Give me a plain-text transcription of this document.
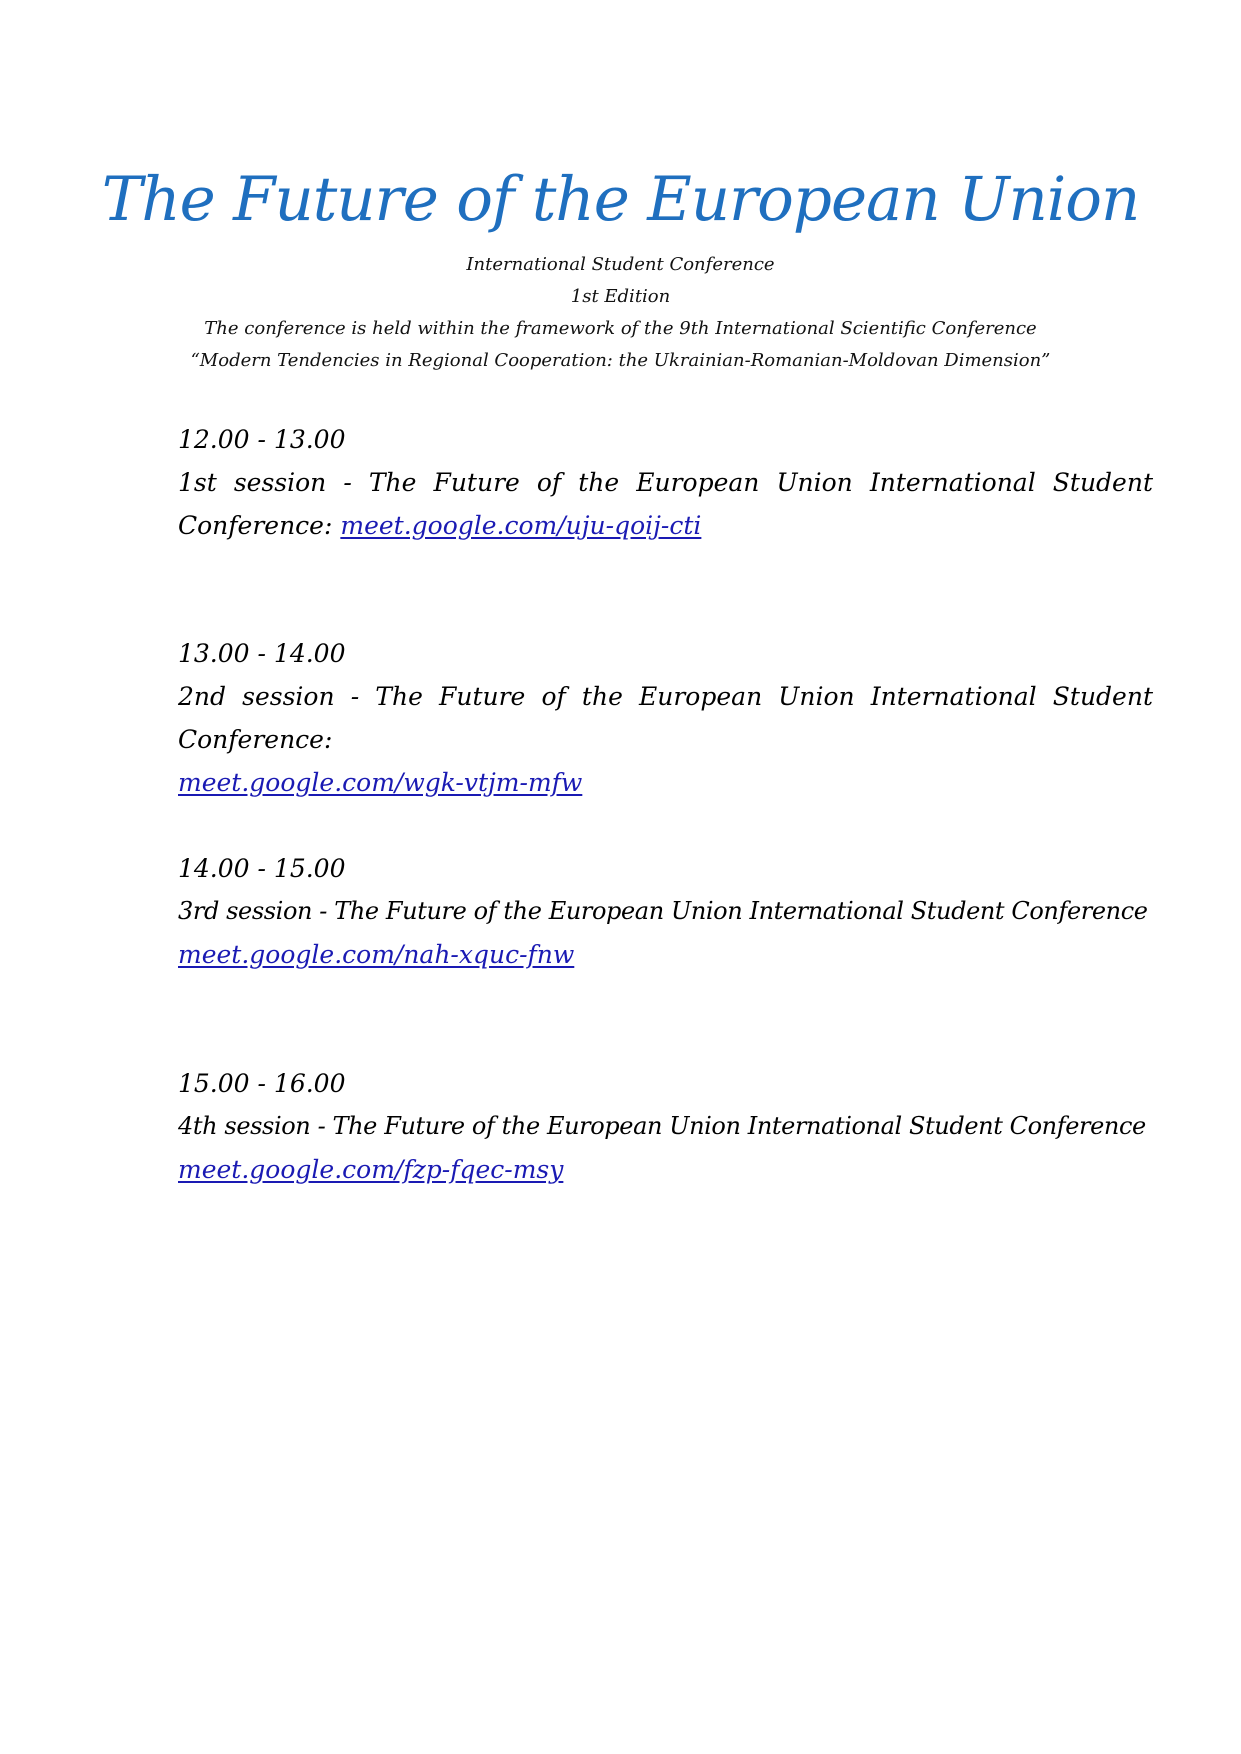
The Future of the European Union
International Student Conference
1st Edition
The conference is held within the framework of the 9th International Scientific Conference
“Modern Tendencies in Regional Cooperation: the Ukrainian-Romanian-Moldovan Dimension”
12.00 - 13.00
1st session - The Future of the European Union International Student Conference: meet.google.com/uju-qoij-cti
13.00 - 14.00
2nd session - The Future of the European Union International Student Conference:
meet.google.com/wgk-vtjm-mfw
14.00 - 15.00
3rd session - The Future of the European Union International Student Conference
meet.google.com/nah-xquc-fnw
15.00 - 16.00
4th session - The Future of the European Union International Student Conference
meet.google.com/fzp-fqec-msy
